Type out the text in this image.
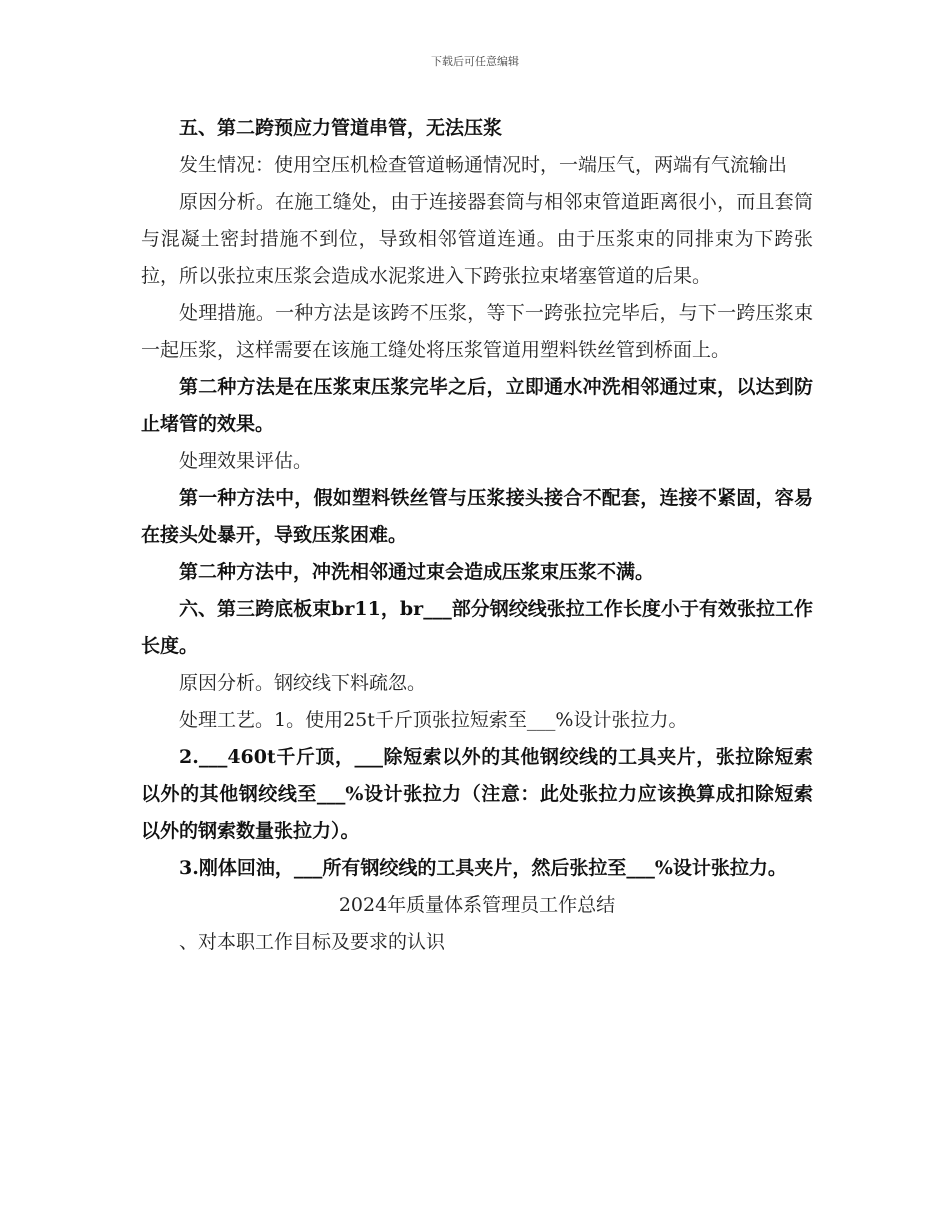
下载后可任意编辑

五、第二跨预应力管道串管，无法压浆

发生情况：使用空压机检查管道畅通情况时，一端压气，两端有气流输出

原因分析。在施工缝处，由于连接器套筒与相邻束管道距离很小，而且套筒与混凝土密封措施不到位，导致相邻管道连通。由于压浆束的同排束为下跨张拉，所以张拉束压浆会造成水泥浆进入下跨张拉束堵塞管道的后果。

处理措施。一种方法是该跨不压浆，等下一跨张拉完毕后，与下一跨压浆束一起压浆，这样需要在该施工缝处将压浆管道用塑料铁丝管到桥面上。

第二种方法是在压浆束压浆完毕之后，立即通水冲洗相邻通过束，以达到防止堵管的效果。

处理效果评估。

第一种方法中，假如塑料铁丝管与压浆接头接合不配套，连接不紧固，容易在接头处暴开，导致压浆困难。

第二种方法中，冲洗相邻通过束会造成压浆束压浆不满。

六、第三跨底板束br11，br___部分钢绞线张拉工作长度小于有效张拉工作长度。

原因分析。钢绞线下料疏忽。

处理工艺。1。使用25t千斤顶张拉短索至___%设计张拉力。

2.___460t千斤顶，___除短索以外的其他钢绞线的工具夹片，张拉除短索以外的其他钢绞线至___%设计张拉力（注意：此处张拉力应该换算成扣除短索以外的钢索数量张拉力）。

3.刚体回油，___所有钢绞线的工具夹片，然后张拉至___%设计张拉力。

2024年质量体系管理员工作总结

、对本职工作目标及要求的认识
